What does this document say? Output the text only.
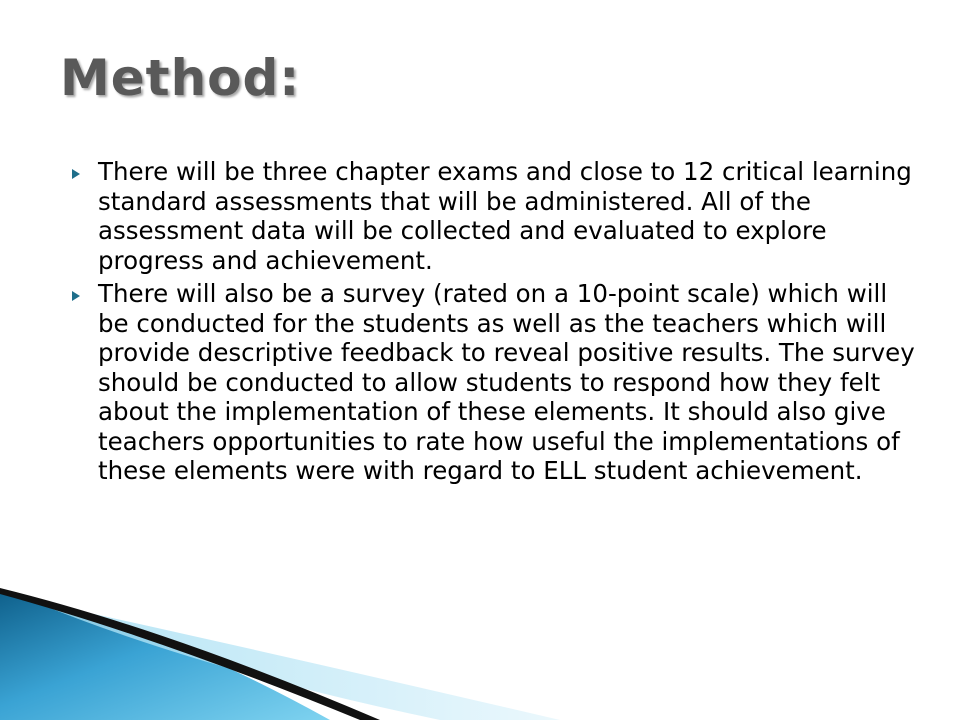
Method:
There will be three chapter exams and close to 12 critical learning standard assessments that will be administered. All of the assessment data will be collected and evaluated to explore progress and achievement.
There will also be a survey (rated on a 10-point scale) which will be conducted for the students as well as the teachers which will provide descriptive feedback to reveal positive results. The survey should be conducted to allow students to respond how they felt about the implementation of these elements. It should also give teachers opportunities to rate how useful the implementations of these elements were with regard to ELL student achievement.
